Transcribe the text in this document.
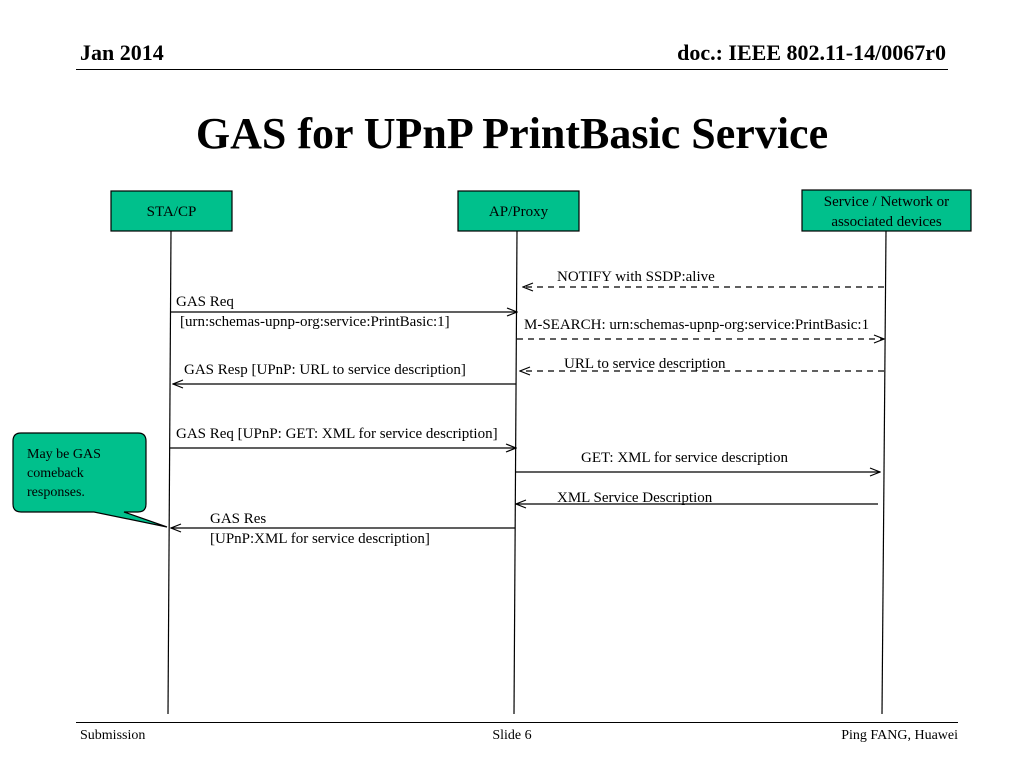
Jan 2014	doc.: IEEE 802.11-14/0067r0
GAS for UPnP PrintBasic Service
STA/CP	AP/Proxy
Service / Network or
associated devices
NOTIFY with SSDP:alive
GAS Req
[urn:schemas-upnp-org:service:PrintBasic:1]	M-SEARCH: urn:schemas-upnp-org:service:PrintBasic:1
URL to service description
GAS Resp [UPnP: URL to service description]
GAS Req [UPnP: GET: XML for service description]
GET: XML for service description
XML Service Description
GAS Res
[UPnP:XML for service description]
May be GAS
comeback
responses.
Submission	Slide 6	Ping FANG, Huawei
